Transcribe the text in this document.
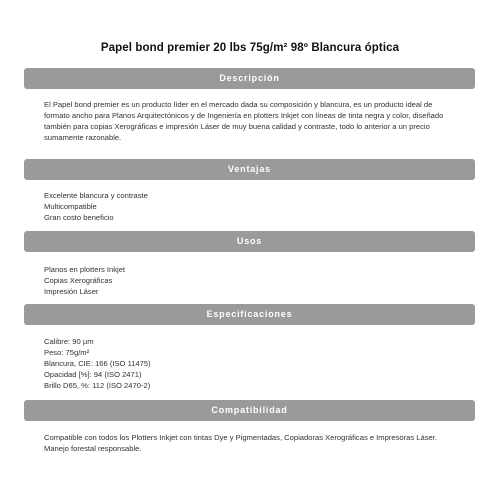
Papel bond premier 20 lbs 75g/m² 98º Blancura óptica
Descripción
El Papel bond premier es un producto líder en el mercado dada su composición y blancura, es un producto ideal de
formato ancho para Planos Arquitectónicos y de Ingeniería en plotters Inkjet con líneas de tinta negra y color, diseñado
también para copias Xerográficas e impresión Láser de muy buena calidad y contraste, todo lo anterior a un precio
sumamente razonable.
Ventajas
Excelente blancura y contraste
Multicompatible
Gran costo beneficio
Usos
Planos en plotters Inkjet
Copias Xerográficas
Impresión Láser
Especificaciones
Calibre: 90 µm
Peso: 75g/m²
Blancura, CIE: 166 (ISO 11475)
Opacidad [%]: 94 (ISO 2471)
Brillo D65, %: 112 (ISO 2470-2)
Compatibilidad
Compatible con todos los Plotters Inkjet con tintas Dye y Pigmentadas, Copiadoras Xerográficas e Impresoras Láser.
Manejo forestal responsable.
